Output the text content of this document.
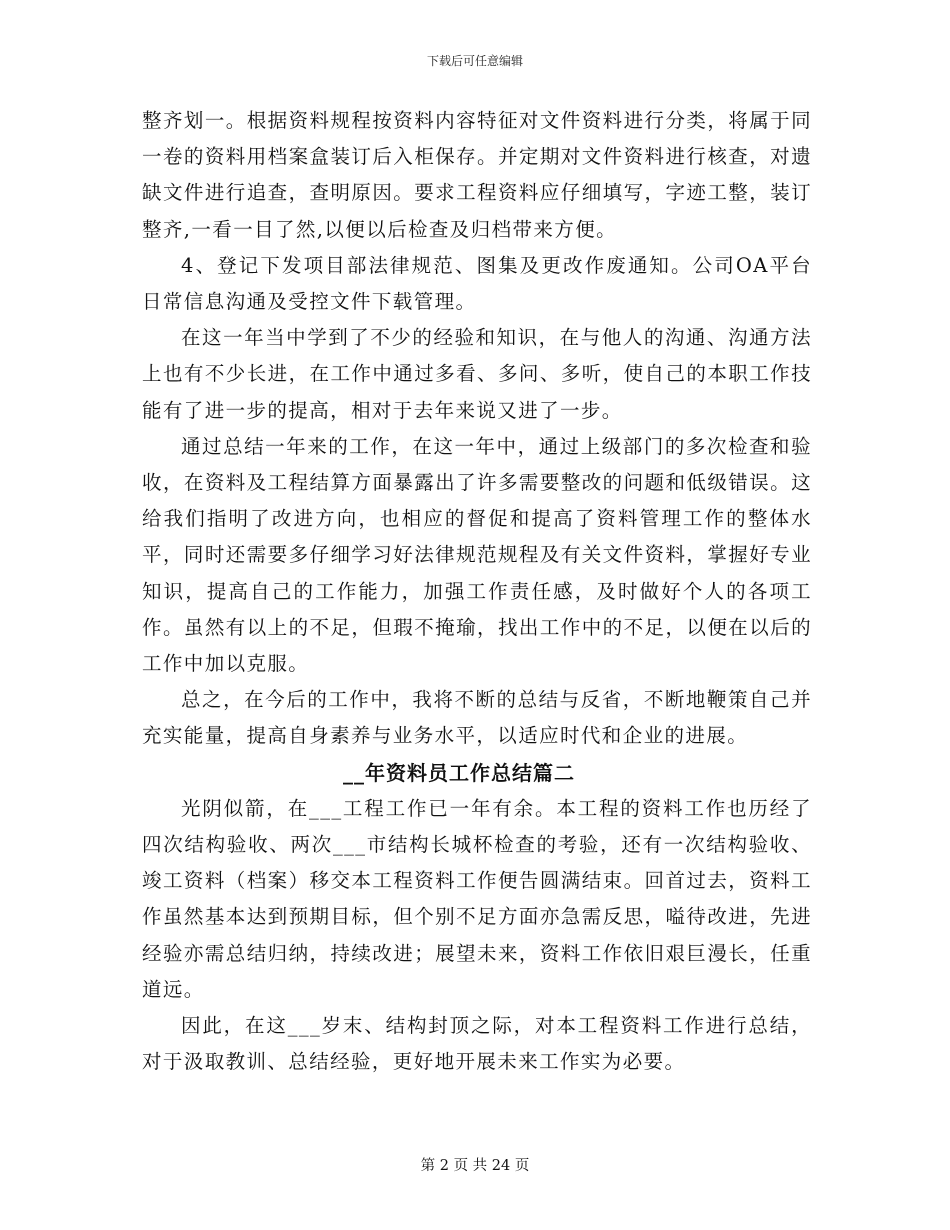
下载后可任意编辑

整齐划一。根据资料规程按资料内容特征对文件资料进行分类，将属于同一卷的资料用档案盒装订后入柜保存。并定期对文件资料进行核查，对遗缺文件进行追查，查明原因。要求工程资料应仔细填写，字迹工整，装订整齐,一看一目了然,以便以后检查及归档带来方便。

4、登记下发项目部法律规范、图集及更改作废通知。公司OA平台日常信息沟通及受控文件下载管理。

在这一年当中学到了不少的经验和知识，在与他人的沟通、沟通方法上也有不少长进，在工作中通过多看、多问、多听，使自己的本职工作技能有了进一步的提高，相对于去年来说又进了一步。

通过总结一年来的工作，在这一年中，通过上级部门的多次检查和验收，在资料及工程结算方面暴露出了许多需要整改的问题和低级错误。这给我们指明了改进方向，也相应的督促和提高了资料管理工作的整体水平，同时还需要多仔细学习好法律规范规程及有关文件资料，掌握好专业知识，提高自己的工作能力，加强工作责任感，及时做好个人的各项工作。虽然有以上的不足，但瑕不掩瑜，找出工作中的不足，以便在以后的工作中加以克服。

总之，在今后的工作中，我将不断的总结与反省，不断地鞭策自己并充实能量，提高自身素养与业务水平，以适应时代和企业的进展。

__年资料员工作总结篇二

光阴似箭，在___工程工作已一年有余。本工程的资料工作也历经了四次结构验收、两次___市结构长城杯检查的考验，还有一次结构验收、竣工资料（档案）移交本工程资料工作便告圆满结束。回首过去，资料工作虽然基本达到预期目标，但个别不足方面亦急需反思，嗌待改进，先进经验亦需总结归纳，持续改进；展望未来，资料工作依旧艰巨漫长，任重道远。

因此，在这___岁末、结构封顶之际，对本工程资料工作进行总结，对于汲取教训、总结经验，更好地开展未来工作实为必要。

第 2 页 共 24 页
